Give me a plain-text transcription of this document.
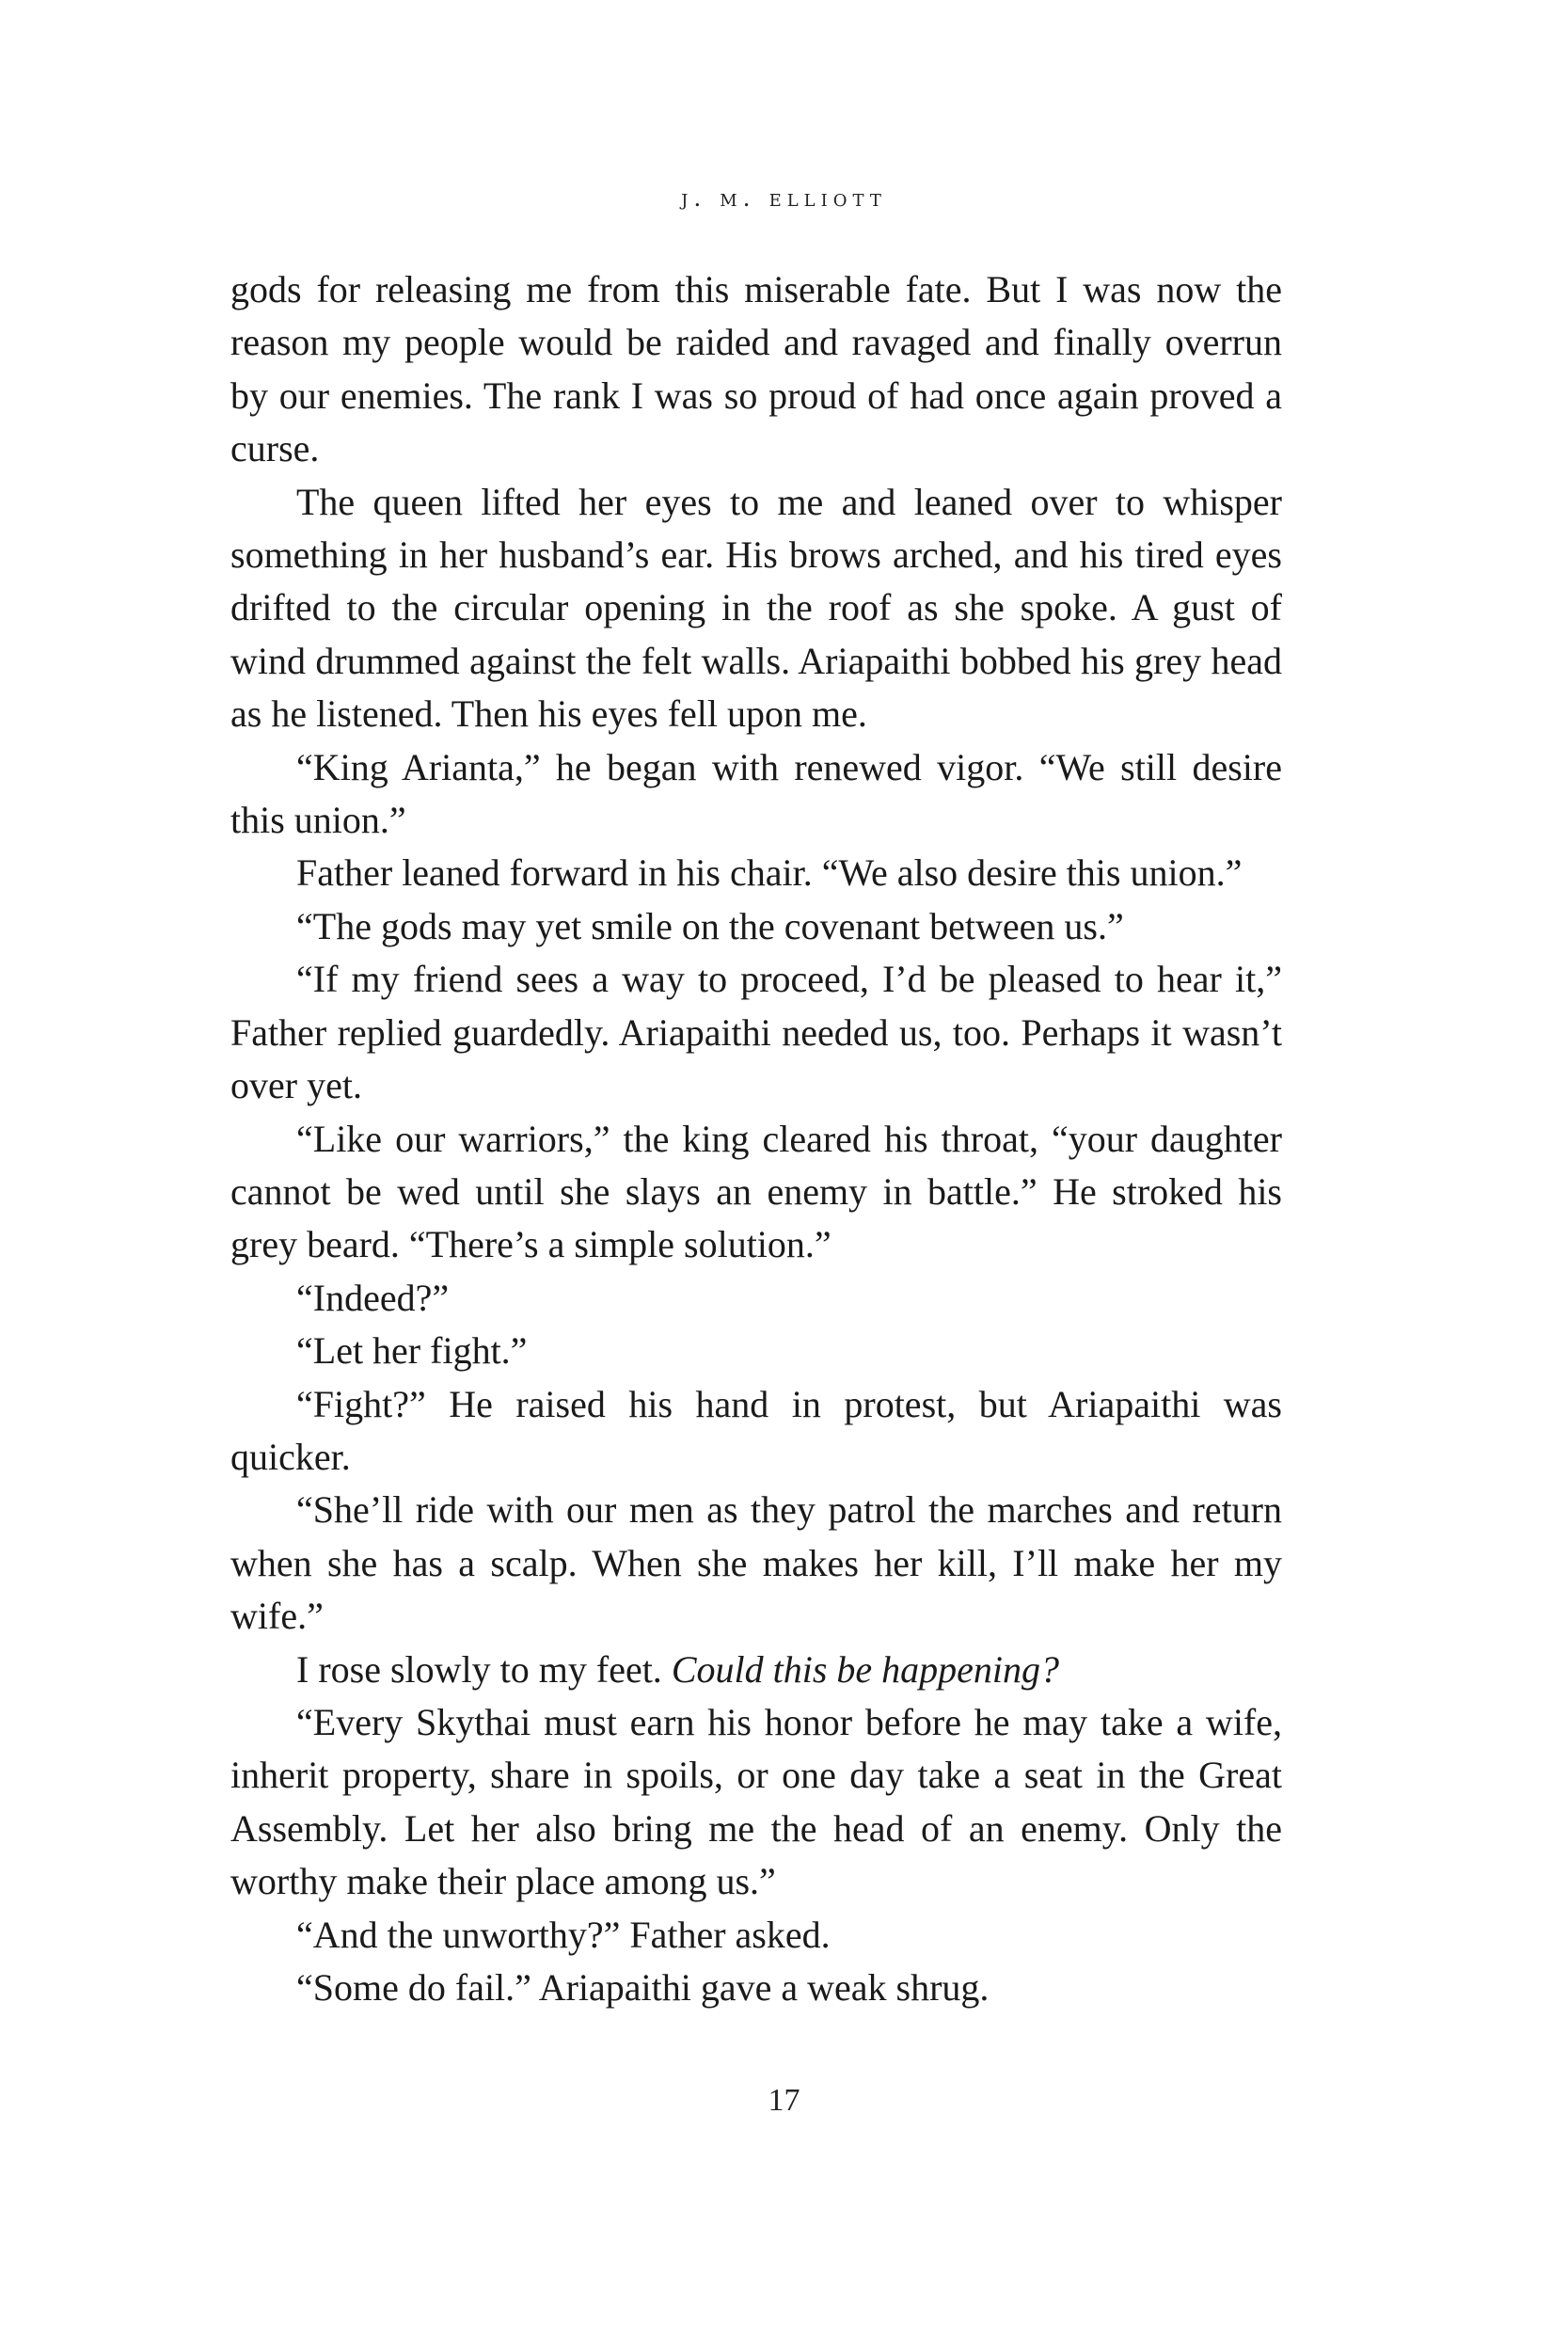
j. m. elliott

gods for releasing me from this miserable fate. But I was now the reason my people would be raided and ravaged and finally overrun by our enemies. The rank I was so proud of had once again proved a curse.

The queen lifted her eyes to me and leaned over to whisper something in her husband’s ear. His brows arched, and his tired eyes drifted to the circular opening in the roof as she spoke. A gust of wind drummed against the felt walls. Ariapaithi bobbed his grey head as he listened. Then his eyes fell upon me.

“King Arianta,” he began with renewed vigor. “We still desire this union.”

Father leaned forward in his chair. “We also desire this union.”

“The gods may yet smile on the covenant between us.”

“If my friend sees a way to proceed, I’d be pleased to hear it,” Father replied guardedly. Ariapaithi needed us, too. Perhaps it wasn’t over yet.

“Like our warriors,” the king cleared his throat, “your daughter cannot be wed until she slays an enemy in battle.” He stroked his grey beard. “There’s a simple solution.”

“Indeed?”

“Let her fight.”

“Fight?” He raised his hand in protest, but Ariapaithi was quicker.

“She’ll ride with our men as they patrol the marches and return when she has a scalp. When she makes her kill, I’ll make her my wife.”

I rose slowly to my feet. Could this be happening?

“Every Skythai must earn his honor before he may take a wife, inherit property, share in spoils, or one day take a seat in the Great Assembly. Let her also bring me the head of an enemy. Only the worthy make their place among us.”

“And the unworthy?” Father asked.

“Some do fail.” Ariapaithi gave a weak shrug.

17
